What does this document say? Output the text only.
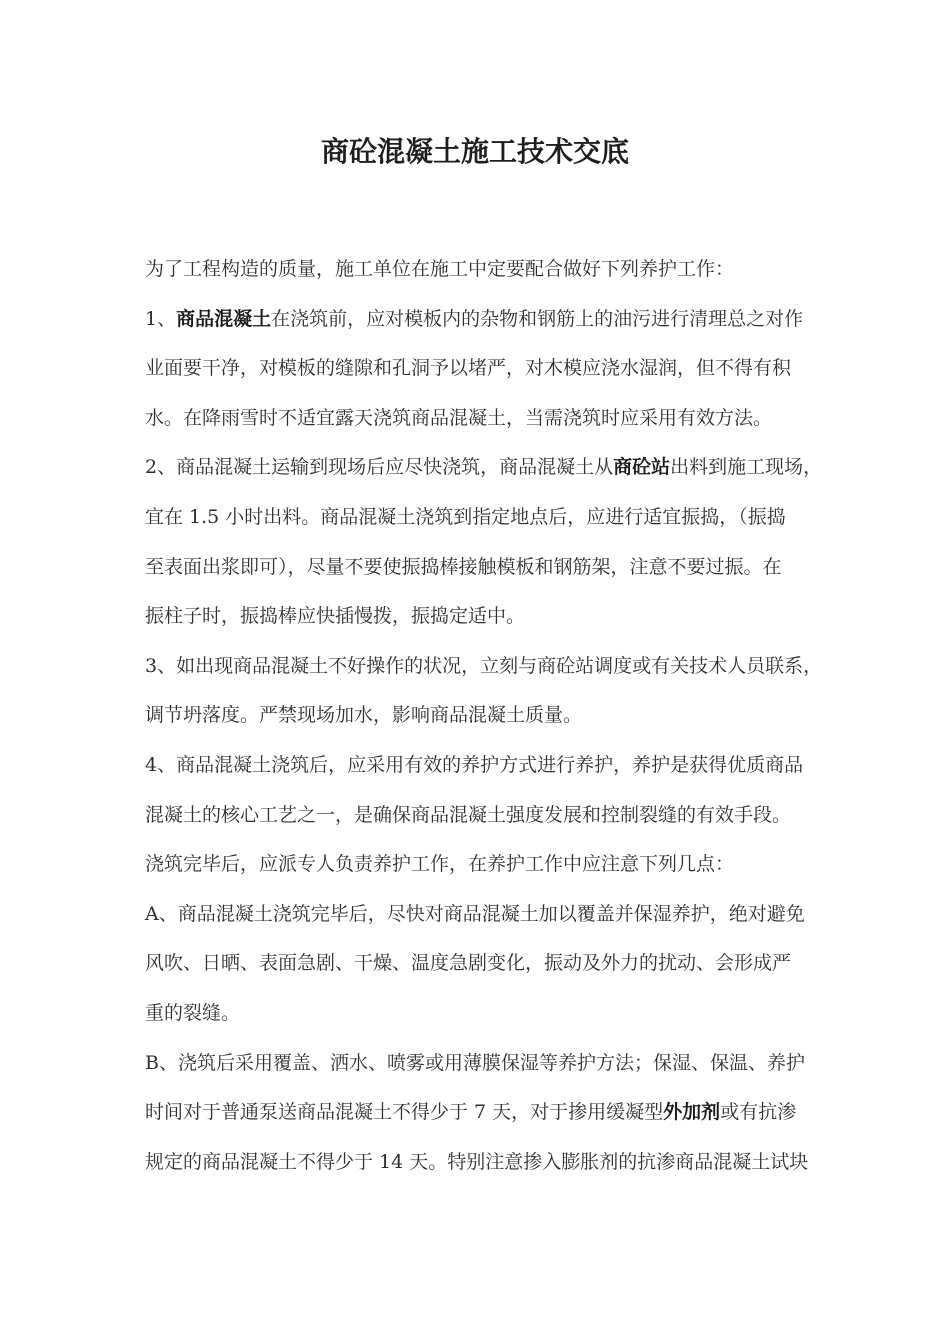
商砼混凝土施工技术交底
为了工程构造的质量，施工单位在施工中定要配合做好下列养护工作：
1、商品混凝土在浇筑前，应对模板内的杂物和钢筋上的油污进行清理总之对作
业面要干净，对模板的缝隙和孔洞予以堵严，对木模应浇水湿润，但不得有积
水。在降雨雪时不适宜露天浇筑商品混凝土，当需浇筑时应采用有效方法。
2、商品混凝土运输到现场后应尽快浇筑，商品混凝土从商砼站出料到施工现场，
宜在 1.5 小时出料。商品混凝土浇筑到指定地点后，应进行适宜振捣，（振捣
至表面出浆即可），尽量不要使振捣棒接触模板和钢筋架，注意不要过振。在
振柱子时，振捣棒应快插慢拨，振捣定适中。
3、如出现商品混凝土不好操作的状况，立刻与商砼站调度或有关技术人员联系，
调节坍落度。严禁现场加水，影响商品混凝土质量。
4、商品混凝土浇筑后，应采用有效的养护方式进行养护，养护是获得优质商品
混凝土的核心工艺之一，是确保商品混凝土强度发展和控制裂缝的有效手段。
浇筑完毕后，应派专人负责养护工作，在养护工作中应注意下列几点：
A、商品混凝土浇筑完毕后，尽快对商品混凝土加以覆盖并保湿养护，绝对避免
风吹、日晒、表面急剧、干燥、温度急剧变化，振动及外力的扰动、会形成严
重的裂缝。
B、浇筑后采用覆盖、洒水、喷雾或用薄膜保湿等养护方法；保湿、保温、养护
时间对于普通泵送商品混凝土不得少于 7 天，对于掺用缓凝型外加剂或有抗渗
规定的商品混凝土不得少于 14 天。特别注意掺入膨胀剂的抗渗商品混凝土试块
